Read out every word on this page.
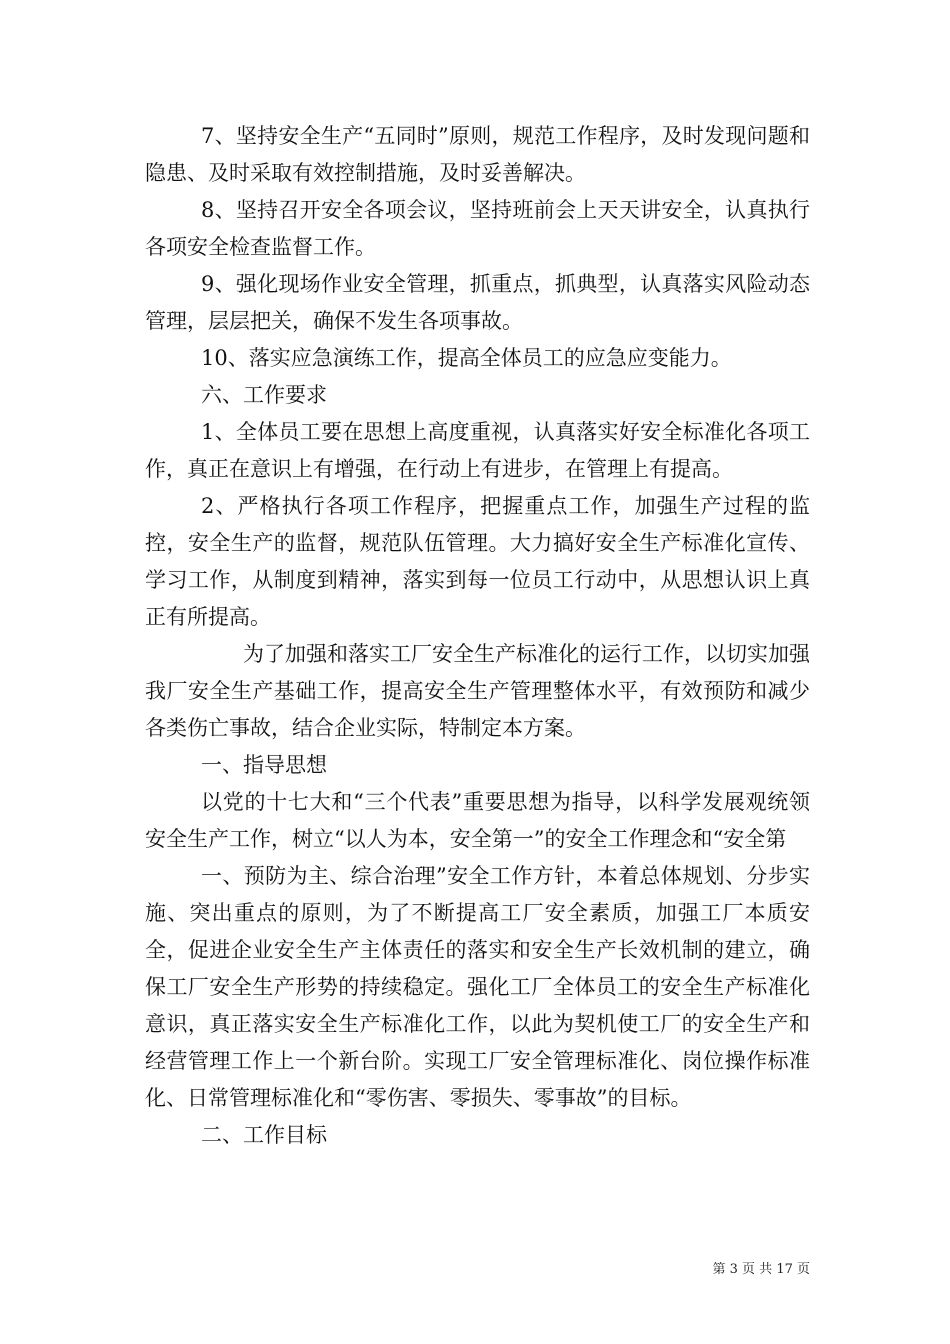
7、坚持安全生产“五同时”原则，规范工作程序，及时发现问题和隐患、及时采取有效控制措施，及时妥善解决。

8、坚持召开安全各项会议，坚持班前会上天天讲安全，认真执行各项安全检查监督工作。

9、强化现场作业安全管理，抓重点，抓典型，认真落实风险动态管理，层层把关，确保不发生各项事故。

10、落实应急演练工作，提高全体员工的应急应变能力。

六、工作要求

1、全体员工要在思想上高度重视，认真落实好安全标准化各项工作，真正在意识上有增强，在行动上有进步，在管理上有提高。

2、严格执行各项工作程序，把握重点工作，加强生产过程的监控，安全生产的监督，规范队伍管理。大力搞好安全生产标准化宣传、学习工作，从制度到精神，落实到每一位员工行动中，从思想认识上真正有所提高。

为了加强和落实工厂安全生产标准化的运行工作，以切实加强我厂安全生产基础工作，提高安全生产管理整体水平，有效预防和减少各类伤亡事故，结合企业实际，特制定本方案。

一、指导思想

以党的十七大和“三个代表”重要思想为指导，以科学发展观统领安全生产工作，树立“以人为本，安全第一”的安全工作理念和“安全第

一、预防为主、综合治理”安全工作方针，本着总体规划、分步实施、突出重点的原则，为了不断提高工厂安全素质，加强工厂本质安全，促进企业安全生产主体责任的落实和安全生产长效机制的建立，确保工厂安全生产形势的持续稳定。强化工厂全体员工的安全生产标准化意识，真正落实安全生产标准化工作，以此为契机使工厂的安全生产和经营管理工作上一个新台阶。实现工厂安全管理标准化、岗位操作标准化、日常管理标准化和“零伤害、零损失、零事故”的目标。

二、工作目标

第 3 页 共 17 页
